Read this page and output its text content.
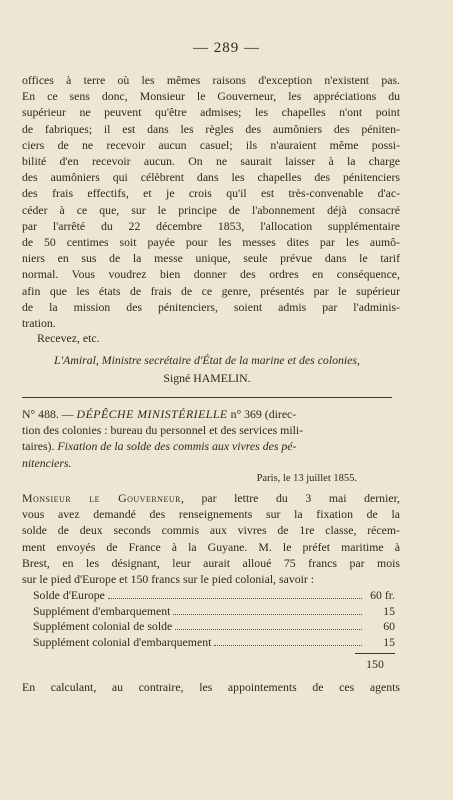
— 289 —
offices à terre où les mêmes raisons d'exception n'existent pas.
En ce sens donc, Monsieur le Gouverneur, les appréciations du
supérieur ne peuvent qu'être admises; les chapelles n'ont point
de fabriques; il est dans les règles des aumôniers des péniten-
ciers de ne recevoir aucun casuel; ils n'auraient même possi-
bilité d'en recevoir aucun. On ne saurait laisser à la charge
des aumôniers qui célèbrent dans les chapelles des pénitenciers
des frais effectifs, et je crois qu'il est très-convenable d'ac-
céder à ce que, sur le principe de l'abonnement déjà consacré
par l'arrêté du 22 décembre 1853, l'allocation supplémentaire
de 50 centimes soit payée pour les messes dites par les aumô-
niers en sus de la messe unique, seule prévue dans le tarif
normal. Vous voudrez bien donner des ordres en conséquence,
afin que les états de frais de ce genre, présentés par le supérieur
de la mission des pénitenciers, soient admis par l'adminis-
tration.
Recevez, etc.
L'Amiral, Ministre secrétaire d'État de la marine et des colonies,
Signé HAMELIN.
N° 488. — DÉPÊCHE MINISTÉRIELLE n° 369 (direc-
tion des colonies : bureau du personnel et des services mili-
taires). Fixation de la solde des commis aux vivres des pé-
nitenciers.
Paris, le 13 juillet 1855.
Monsieur le Gouverneur, par lettre du 3 mai dernier,
vous avez demandé des renseignements sur la fixation de la
solde de deux seconds commis aux vivres de 1re classe, récem-
ment envoyés de France à la Guyane. M. le préfet maritime à
Brest, en les désignant, leur aurait alloué 75 francs par mois
sur le pied d'Europe et 150 francs sur le pied colonial, savoir :
Solde d'Europe	60 fr.
Supplément d'embarquement	15
Supplément colonial de solde	60
Supplément colonial d'embarquement	15
150
En calculant, au contraire, les appointements de ces agents
